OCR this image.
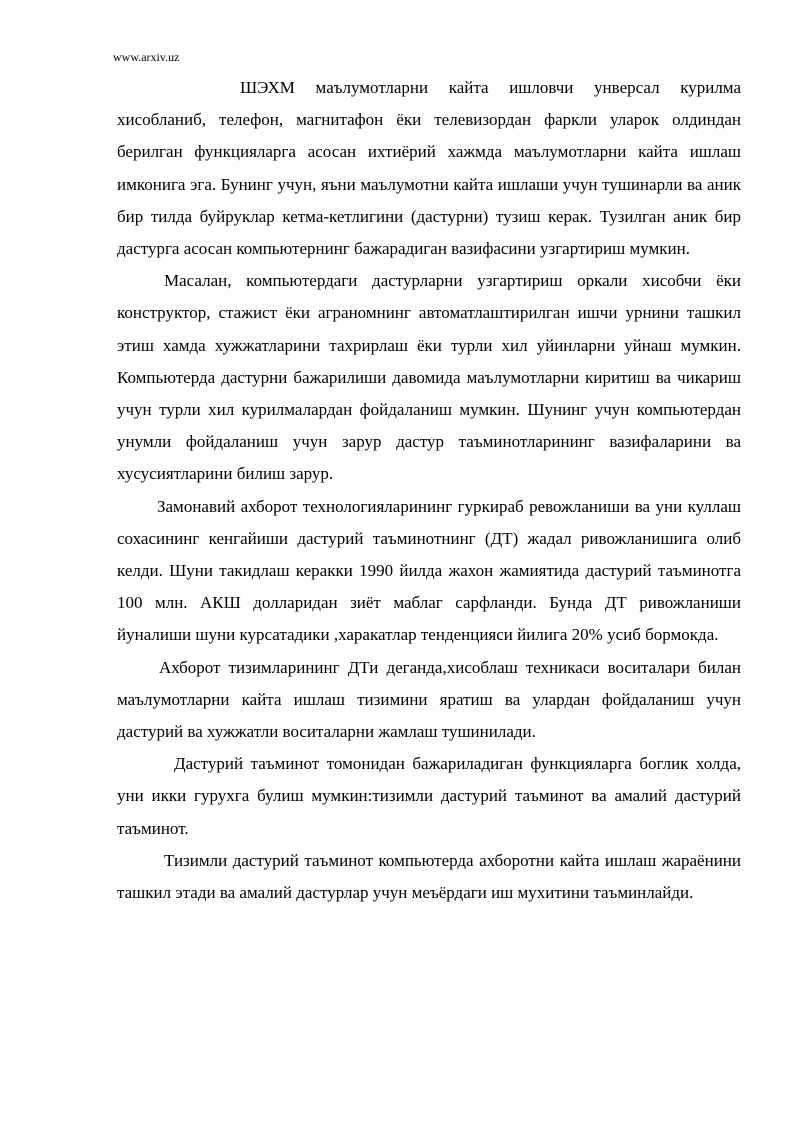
www.arxiv.uz

ШЭХМ маълумотларни кайта ишловчи унверсал курилма хисобланиб, телефон, магнитафон ёки телевизордан фаркли уларок олдиндан берилган функцияларга асосан ихтиёрий хажмда маълумотларни кайта ишлаш имконига эга. Бунинг учун, яъни маълумотни кайта ишлаши учун тушинарли ва аник бир тилда буйруклар кетма-кетлигини (дастурни) тузиш керак. Тузилган аник бир дастурга асосан компьютернинг бажарадиган вазифасини узгартириш мумкин.

Масалан, компьютердаги дастурларни узгартириш оркали хисобчи ёки конструктор, стажист ёки аграномнинг автоматлаштирилган ишчи урнини ташкил этиш хамда хужжатларини тахрирлаш ёки турли хил уйинларни уйнаш мумкин. Компьютерда дастурни бажарилиши давомида маълумотларни киритиш ва чикариш учун турли хил курилмалардан фойдаланиш мумкин. Шунинг учун компьютердан унумли фойдаланиш учун зарур дастур таъминотларининг вазифаларини ва хусусиятларини билиш зарур.

Замонавий ахборот технологияларининг гуркираб ревожланиши ва уни куллаш сохасининг кенгайиши дастурий таъминотнинг (ДТ) жадал ривожланишига олиб келди. Шуни такидлаш керакки 1990 йилда жахон жамиятида дастурий таъминотга 100 млн. АКШ долларидан зиёт маблаг сарфланди. Бунда ДТ ривожланиши йуналиши шуни курсатадики ,харакатлар тенденцияси йилига 20% усиб бормокда.

Ахборот тизимларининг ДТи деганда,хисоблаш техникаси воситалари билан маълумотларни кайта ишлаш тизимини яратиш ва улардан фойдаланиш учун дастурий ва хужжатли воситаларни жамлаш тушинилади.

Дастурий таъминот томонидан бажариладиган функцияларга боглик холда, уни икки гурухга булиш мумкин:тизимли дастурий таъминот ва амалий дастурий таъминот.

Тизимли дастурий таъминот компьютерда ахборотни кайта ишлаш жараёнини ташкил этади ва амалий дастурлар учун меъёрдаги иш мухитини таъминлайди.
